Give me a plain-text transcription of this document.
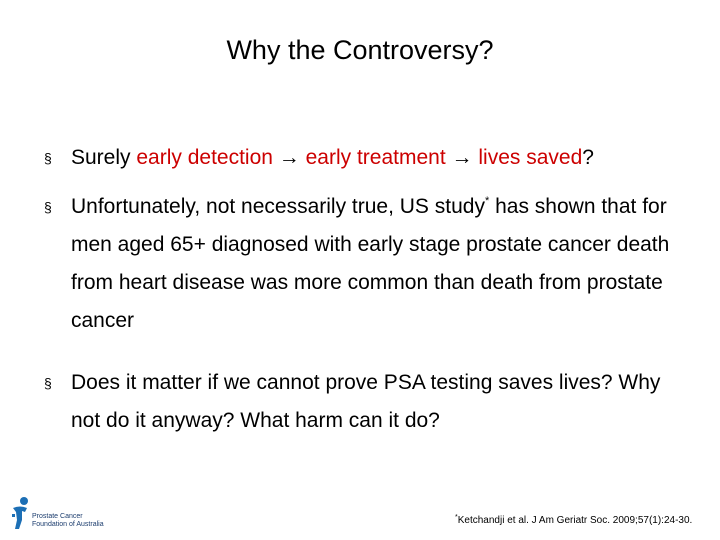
Why the Controversy?
§ Surely early detection → early treatment → lives saved?
§ Unfortunately, not necessarily true, US study* has shown that for men aged 65+ diagnosed with early stage prostate cancer death from heart disease was more common than death from prostate cancer
§ Does it matter if we cannot prove PSA testing saves lives? Why not do it anyway? What harm can it do?
Prostate Cancer
Foundation of Australia
*Ketchandji et al. J Am Geriatr Soc. 2009;57(1):24-30.
